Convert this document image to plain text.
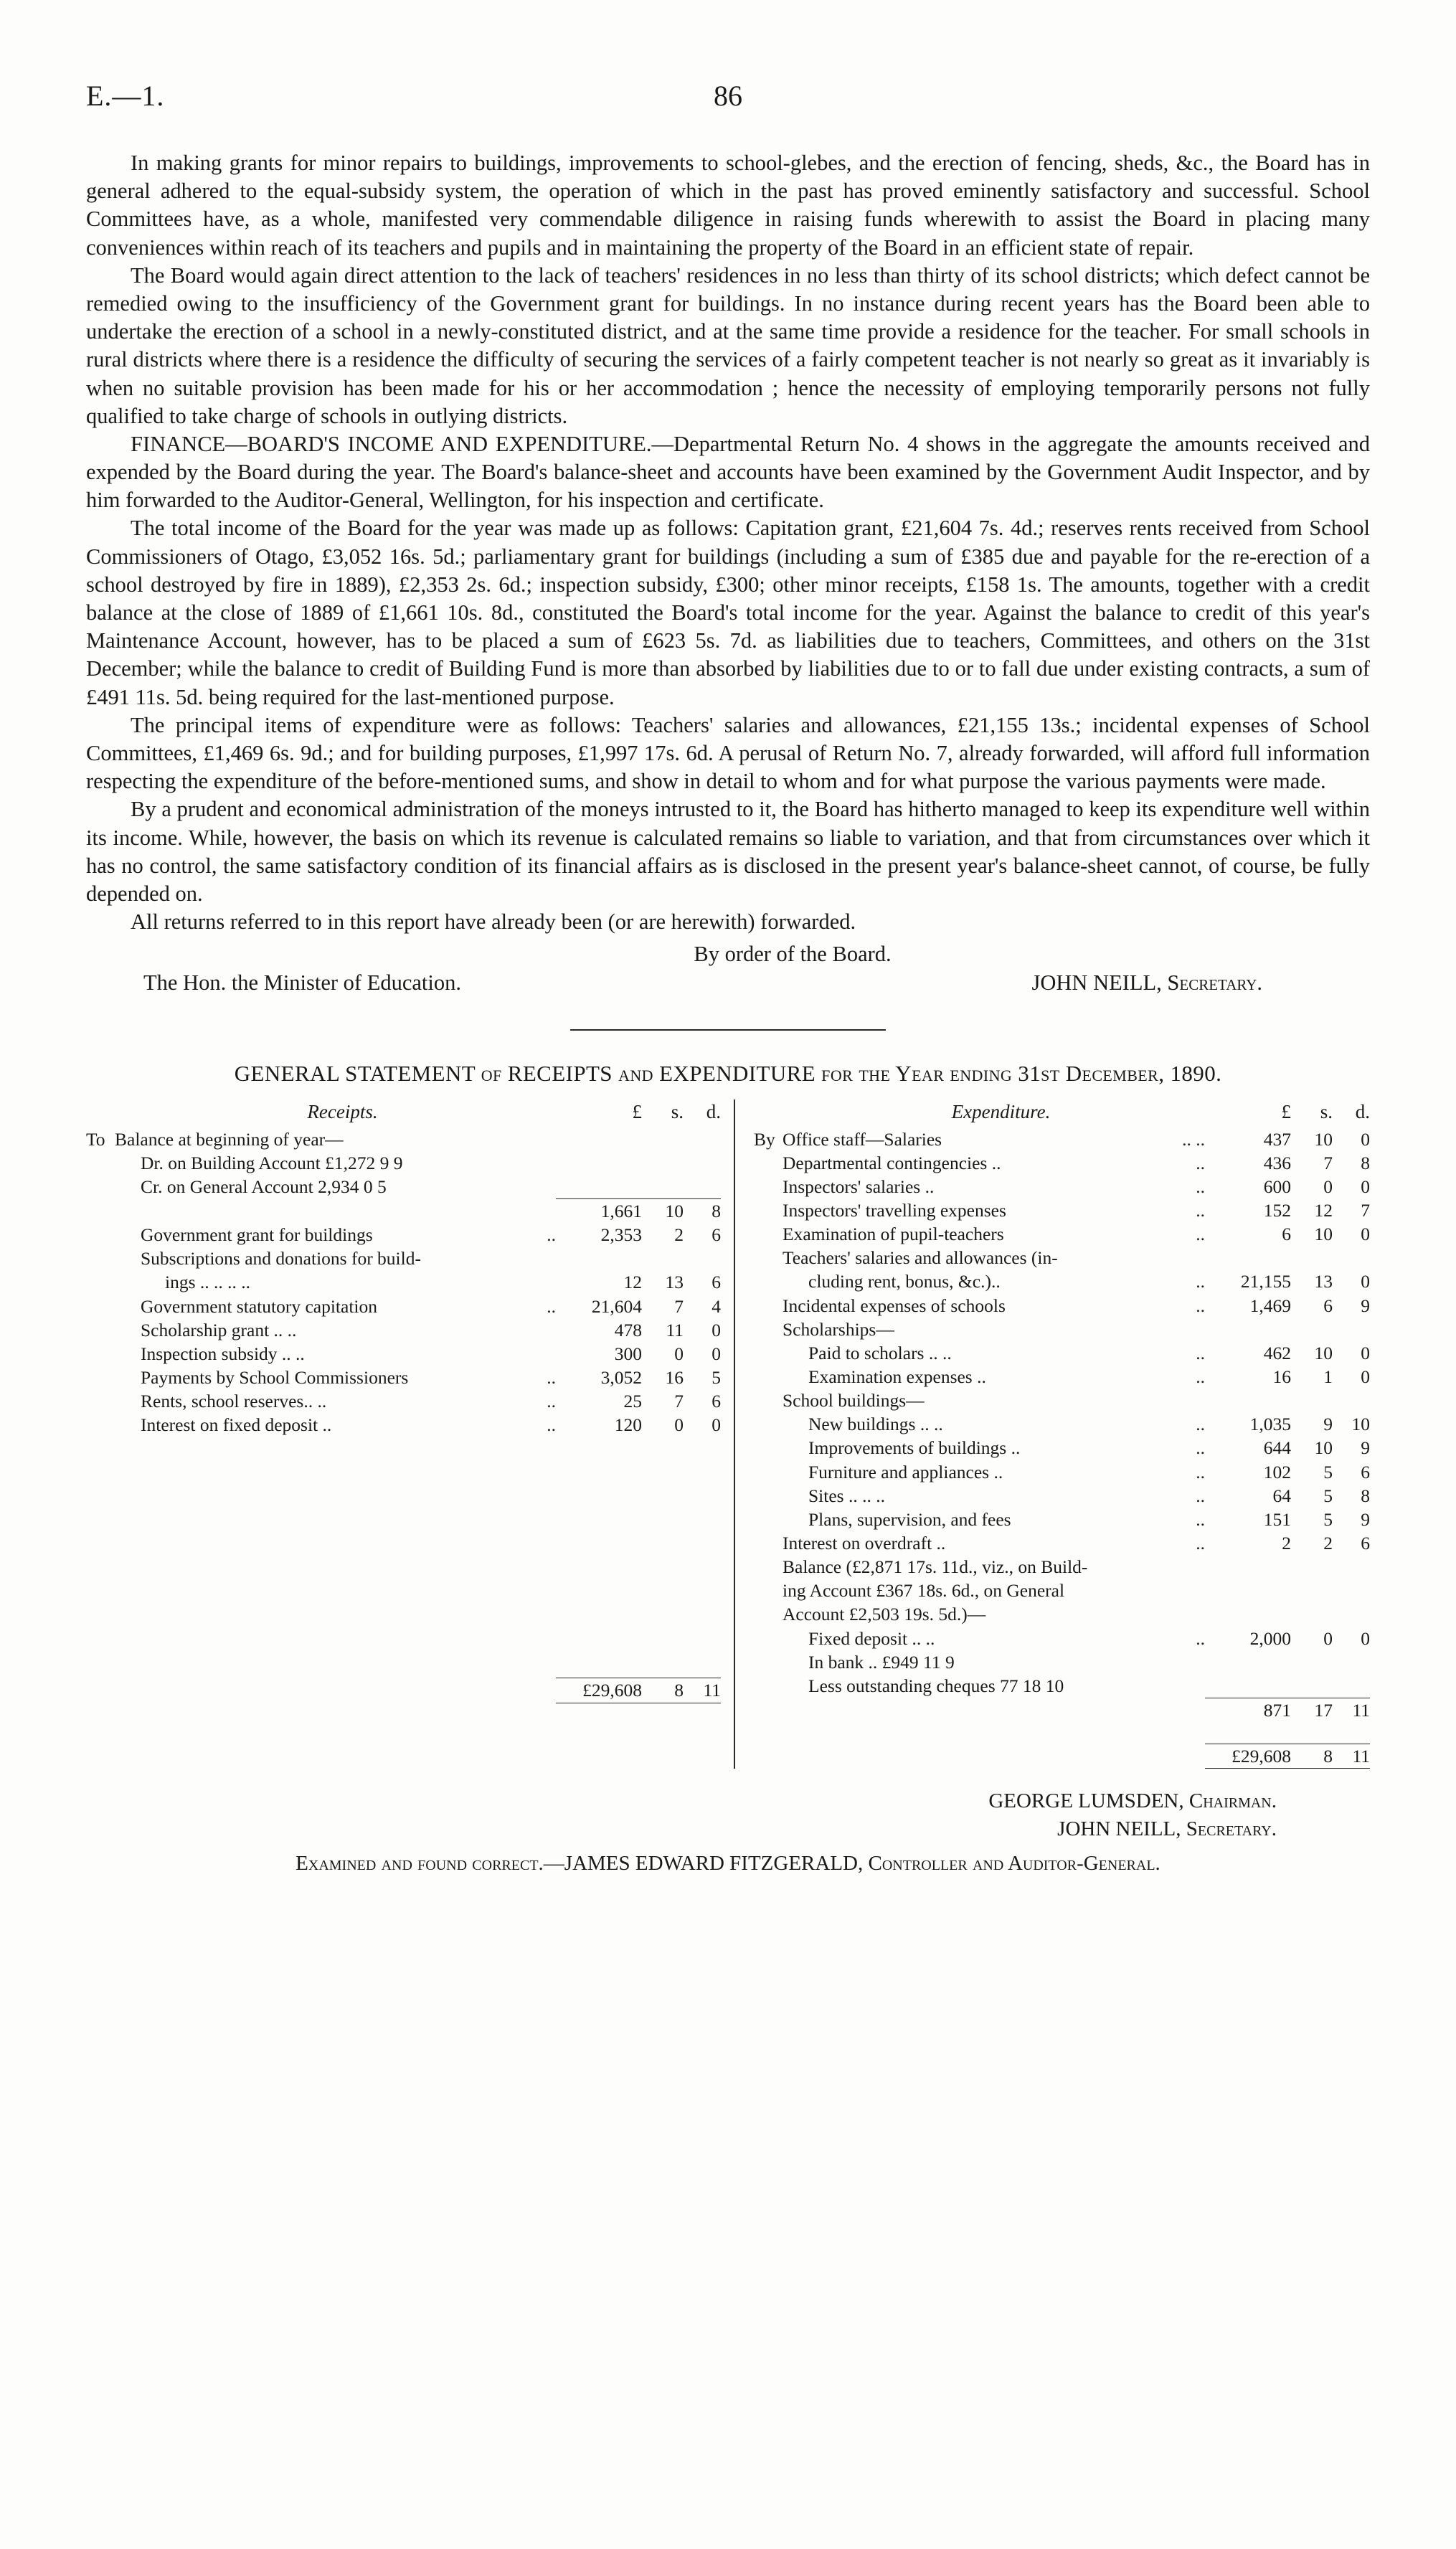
E.—1.	86

In making grants for minor repairs to buildings, improvements to school-glebes, and the erection of fencing, sheds, &c., the Board has in general adhered to the equal-subsidy system, the operation of which in the past has proved eminently satisfactory and successful. School Committees have, as a whole, manifested very commendable diligence in raising funds wherewith to assist the Board in placing many conveniences within reach of its teachers and pupils and in maintaining the property of the Board in an efficient state of repair.

The Board would again direct attention to the lack of teachers' residences in no less than thirty of its school districts; which defect cannot be remedied owing to the insufficiency of the Government grant for buildings. In no instance during recent years has the Board been able to undertake the erection of a school in a newly-constituted district, and at the same time provide a residence for the teacher. For small schools in rural districts where there is a residence the difficulty of securing the services of a fairly competent teacher is not nearly so great as it invariably is when no suitable provision has been made for his or her accommodation ; hence the necessity of employing temporarily persons not fully qualified to take charge of schools in outlying districts.

FINANCE—BOARD'S INCOME AND EXPENDITURE.—Departmental Return No. 4 shows in the aggregate the amounts received and expended by the Board during the year. The Board's balance-sheet and accounts have been examined by the Government Audit Inspector, and by him forwarded to the Auditor-General, Wellington, for his inspection and certificate.

The total income of the Board for the year was made up as follows: Capitation grant, £21,604 7s. 4d.; reserves rents received from School Commissioners of Otago, £3,052 16s. 5d.; parliamentary grant for buildings (including a sum of £385 due and payable for the re-erection of a school destroyed by fire in 1889), £2,353 2s. 6d.; inspection subsidy, £300; other minor receipts, £158 1s. The amounts, together with a credit balance at the close of 1889 of £1,661 10s. 8d., constituted the Board's total income for the year. Against the balance to credit of this year's Maintenance Account, however, has to be placed a sum of £623 5s. 7d. as liabilities due to teachers, Committees, and others on the 31st December; while the balance to credit of Building Fund is more than absorbed by liabilities due to or to fall due under existing contracts, a sum of £491 11s. 5d. being required for the last-mentioned purpose.

The principal items of expenditure were as follows: Teachers' salaries and allowances, £21,155 13s.; incidental expenses of School Committees, £1,469 6s. 9d.; and for building purposes, £1,997 17s. 6d. A perusal of Return No. 7, already forwarded, will afford full information respecting the expenditure of the before-mentioned sums, and show in detail to whom and for what purpose the various payments were made.

By a prudent and economical administration of the moneys intrusted to it, the Board has hitherto managed to keep its expenditure well within its income. While, however, the basis on which its revenue is calculated remains so liable to variation, and that from circumstances over which it has no control, the same satisfactory condition of its financial affairs as is disclosed in the present year's balance-sheet cannot, of course, be fully depended on.

All returns referred to in this report have already been (or are herewith) forwarded.

By order of the Board.
The Hon. the Minister of Education.	JOHN NEILL, Secretary.
GENERAL STATEMENT of RECEIPTS and EXPENDITURE for the Year ending 31st December, 1890.
Receipts.	£	s.	d.
To	Balance at beginning of year—				
	Dr. on Building Account £1,272 9 9				
	Cr. on General Account 2,934 0 5				

			1,661	10	8
	Government grant for buildings	..	2,353	2	6
	Subscriptions and donations for build-				
	ings .. .. .. ..		12	13	6
	Government statutory capitation	..	21,604	7	4
	Scholarship grant .. ..		478	11	0
	Inspection subsidy .. ..		300	0	0
	Payments by School Commissioners	..	3,052	16	5
	Rents, school reserves.. ..	..	25	7	6
	Interest on fixed deposit ..	..	120	0	0

			£29,608	8	11

Expenditure.	£	s.	d.
By	Office staff—Salaries	.. ..	437	10	0
	Departmental contingencies ..	..	436	7	8
	Inspectors' salaries ..	..	600	0	0
	Inspectors' travelling expenses	..	152	12	7
	Examination of pupil-teachers	..	6	10	0
	Teachers' salaries and allowances (in-				
	cluding rent, bonus, &c.)..	..	21,155	13	0
	Incidental expenses of schools	..	1,469	6	9
	Scholarships—				
	Paid to scholars .. ..	..	462	10	0
	Examination expenses ..	..	16	1	0
	School buildings—				
	New buildings .. ..	..	1,035	9	10
	Improvements of buildings ..	..	644	10	9
	Furniture and appliances ..	..	102	5	6
	Sites .. .. ..	..	64	5	8
	Plans, supervision, and fees	..	151	5	9
	Interest on overdraft ..	..	2	2	6
	Balance (£2,871 17s. 11d., viz., on Build-				
	ing Account £367 18s. 6d., on General				
	Account £2,503 19s. 5d.)—				
	Fixed deposit .. ..	..	2,000	0	0
	In bank .. £949 11 9				
	Less outstanding cheques 77 18 10				

			871	17	11

			£29,608	8	11

GEORGE LUMSDEN, Chairman.
JOHN NEILL, Secretary.
Examined and found correct.—JAMES EDWARD FITZGERALD, Controller and Auditor-General.
